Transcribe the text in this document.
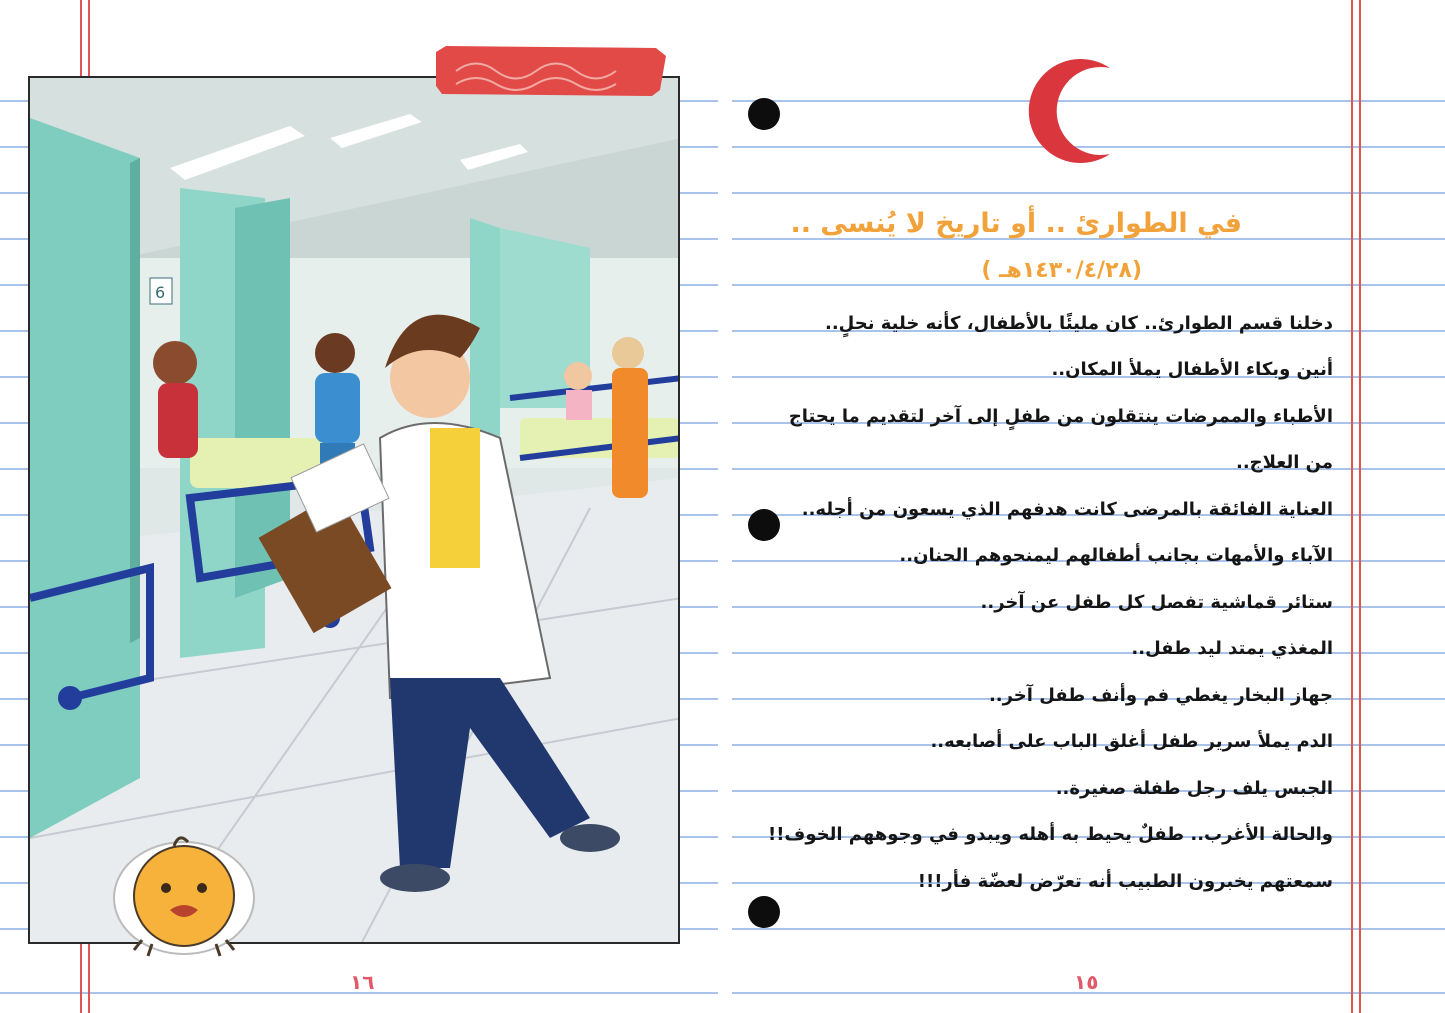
6
في الطوارئ .. أو تاريخ لا يُنسى ..
(١٤٣٠/٤/٢٨هـ )
دخلنا قسم الطوارئ.. كان مليئًا بالأطفال، كأنه خلية نحلٍ..
أنين وبكاء الأطفال يملأ المكان..
الأطباء والممرضات ينتقلون من طفلٍ إلى آخر لتقديم ما يحتاج
من العلاج..
العناية الفائقة بالمرضى كانت هدفهم الذي يسعون من أجله..
الآباء والأمهات بجانب أطفالهم ليمنحوهم الحنان..
ستائر قماشية تفصل كل طفل عن آخر..
المغذي يمتد ليد طفل..
جهاز البخار يغطي فم وأنف طفل آخر..
الدم يملأ سرير طفل أغلق الباب على أصابعه..
الجبس يلف رجل طفلة صغيرة..
والحالة الأغرب.. طفلٌ يحيط به أهله ويبدو في وجوههم الخوف!!
سمعتهم يخبرون الطبيب أنه تعرّض لعضّة فأر!!!
١٦	١٥
